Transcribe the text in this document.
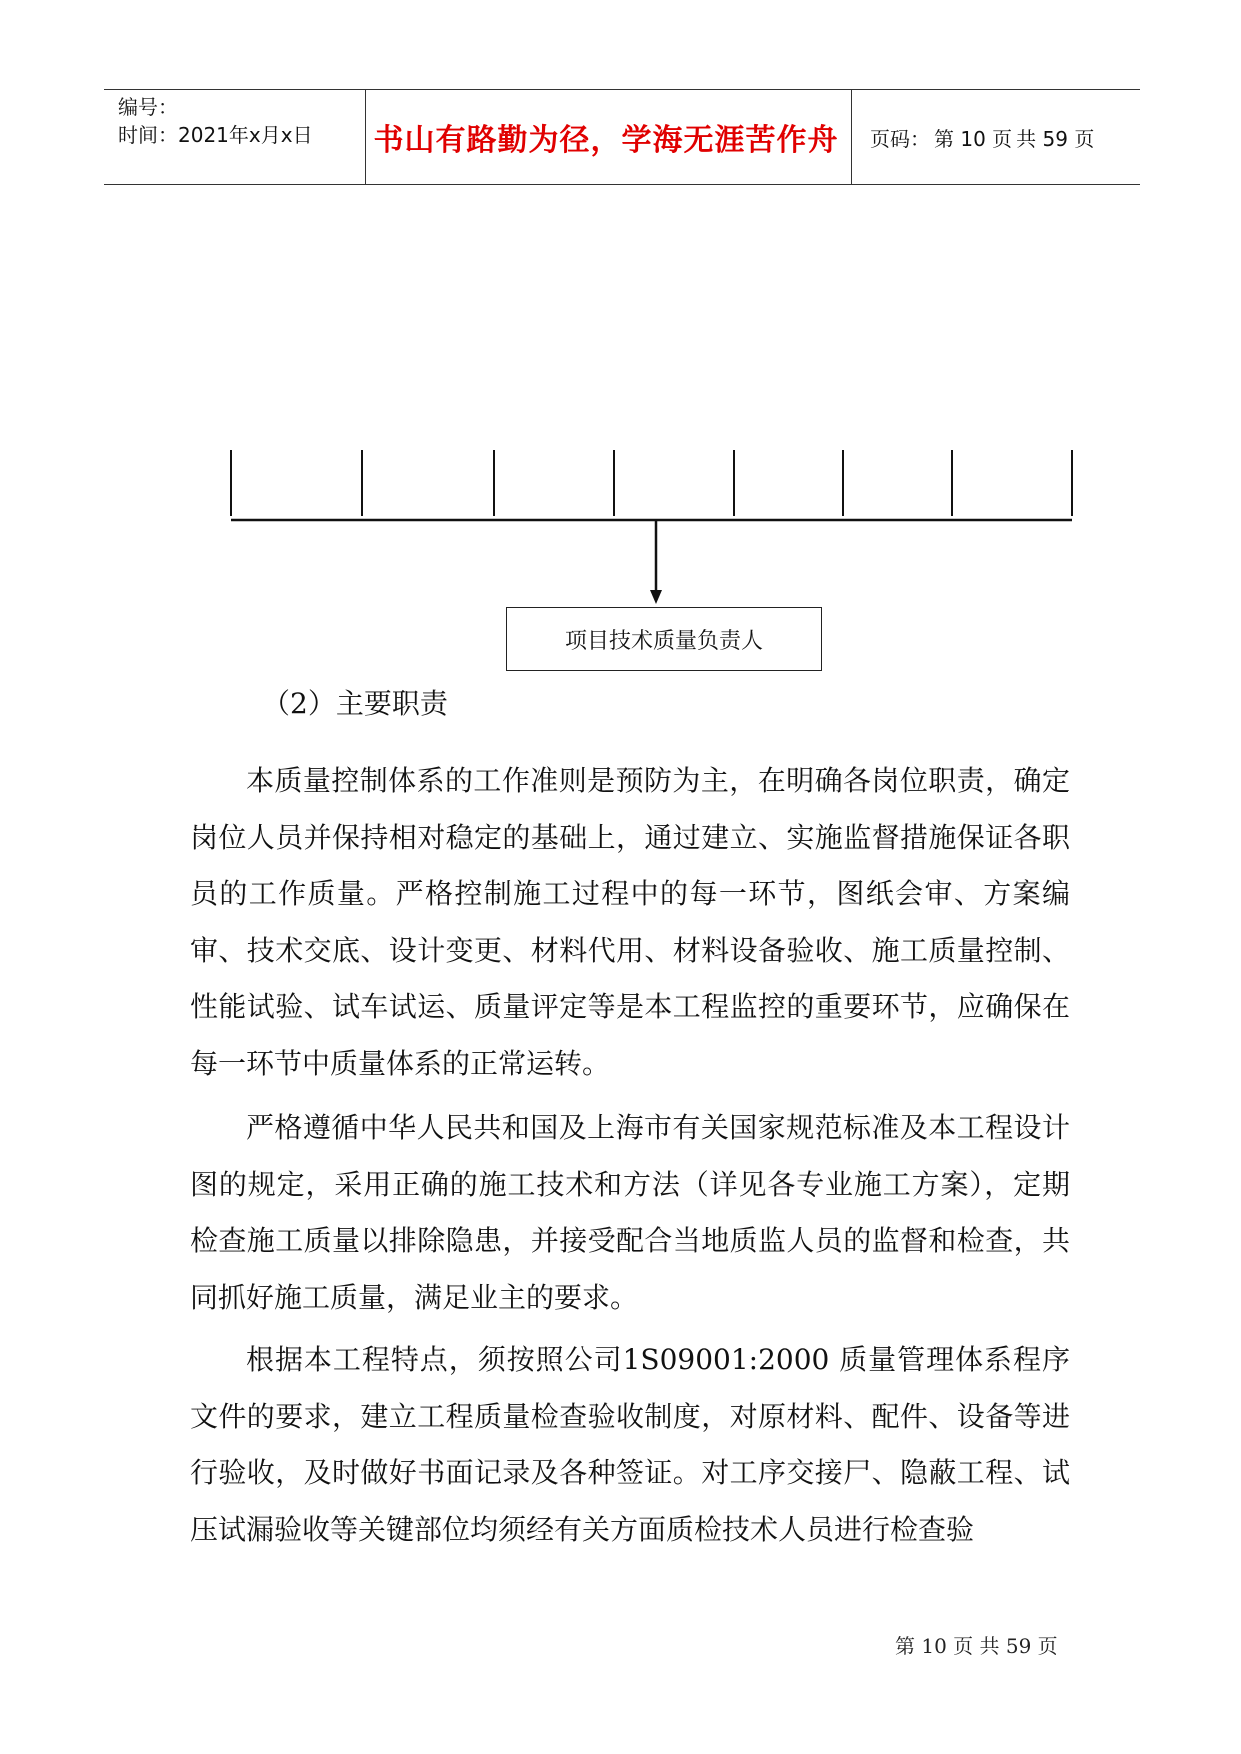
编号：
时间：2021年x月x日 书山有路勤为径，学海无涯苦作舟	页码： 第 10 页 共 59 页
项目技术质量负责人
（2）主要职责

本质量控制体系的工作准则是预防为主，在明确各岗位职责，确定岗位人员并保持相对稳定的基础上，通过建立、实施监督措施保证各职员的工作质量。严格控制施工过程中的每一环节，图纸会审、方案编审、技术交底、设计变更、材料代用、材料设备验收、施工质量控制、性能试验、试车试运、质量评定等是本工程监控的重要环节，应确保在每一环节中质量体系的正常运转。

严格遵循中华人民共和国及上海市有关国家规范标准及本工程设计图的规定，采用正确的施工技术和方法（详见各专业施工方案），定期检查施工质量以排除隐患，并接受配合当地质监人员的监督和检查，共同抓好施工质量，满足业主的要求。

根据本工程特点，须按照公司1S09001:2000 质量管理体系程序文件的要求，建立工程质量检查验收制度，对原材料、配件、设备等进行验收，及时做好书面记录及各种签证。对工序交接尸、隐蔽工程、试压试漏验收等关键部位均须经有关方面质检技术人员进行检查验

第 10 页 共 59 页
